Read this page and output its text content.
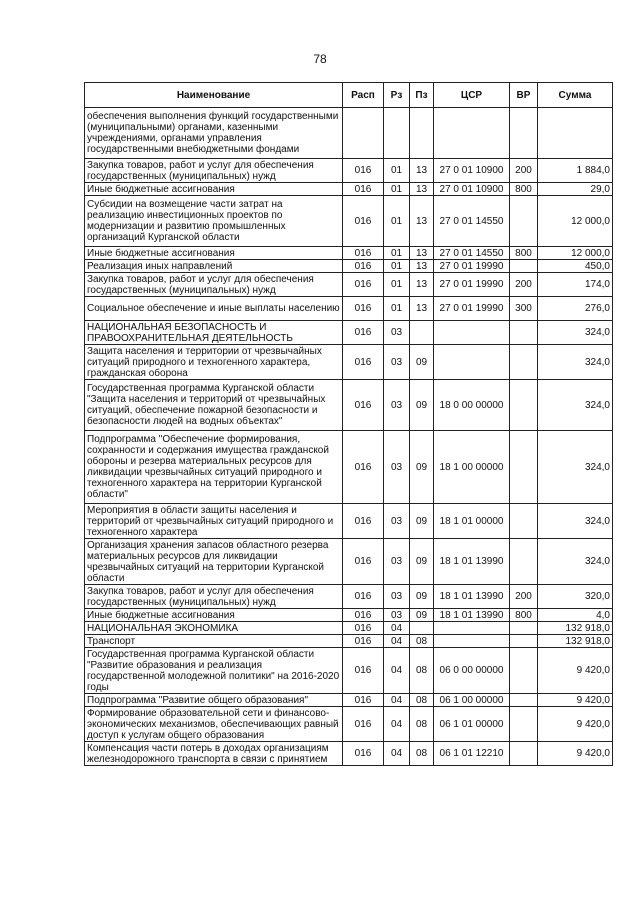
78
Наименование	Расп	Рз	Пз	ЦСР	ВР	Сумма
обеспечения выполнения функций государственными (муниципальными) органами, казенными учреждениями, органами управления государственными внебюджетными фондами						
Закупка товаров, работ и услуг для обеспечения государственных (муниципальных) нужд	016	01	13	27 0 01 10900	200	1 884,0
Иные бюджетные ассигнования	016	01	13	27 0 01 10900	800	29,0
Субсидии на возмещение части затрат на реализацию инвестиционных проектов по модернизации и развитию промышленных организаций Курганской области	016	01	13	27 0 01 14550		12 000,0
Иные бюджетные ассигнования	016	01	13	27 0 01 14550	800	12 000,0
Реализация иных направлений	016	01	13	27 0 01 19990		450,0
Закупка товаров, работ и услуг для обеспечения государственных (муниципальных) нужд	016	01	13	27 0 01 19990	200	174,0
Социальное обеспечение и иные выплаты населению	016	01	13	27 0 01 19990	300	276,0
НАЦИОНАЛЬНАЯ БЕЗОПАСНОСТЬ И ПРАВООХРАНИТЕЛЬНАЯ ДЕЯТЕЛЬНОСТЬ	016	03				324,0
Защита населения и территории от чрезвычайных ситуаций природного и техногенного характера, гражданская оборона	016	03	09			324,0
Государственная программа Курганской области "Защита населения и территорий от чрезвычайных ситуаций, обеспечение пожарной безопасности и безопасности людей на водных объектах"	016	03	09	18 0 00 00000		324,0
Подпрограмма "Обеспечение формирования, сохранности и содержания имущества гражданской обороны и резерва материальных ресурсов для ликвидации чрезвычайных ситуаций природного и техногенного характера на территории Курганской области"	016	03	09	18 1 00 00000		324,0
Мероприятия в области защиты населения и территорий от чрезвычайных ситуаций природного и техногенного характера	016	03	09	18 1 01 00000		324,0
Организация хранения запасов областного резерва материальных ресурсов для ликвидации чрезвычайных ситуаций на территории Курганской области	016	03	09	18 1 01 13990		324,0
Закупка товаров, работ и услуг для обеспечения государственных (муниципальных) нужд	016	03	09	18 1 01 13990	200	320,0
Иные бюджетные ассигнования	016	03	09	18 1 01 13990	800	4,0
НАЦИОНАЛЬНАЯ ЭКОНОМИКА	016	04				132 918,0
Транспорт	016	04	08			132 918,0
Государственная программа Курганской области "Развитие образования и реализация государственной молодежной политики" на 2016-2020 годы	016	04	08	06 0 00 00000		9 420,0
Подпрограмма "Развитие общего образования"	016	04	08	06 1 00 00000		9 420,0
Формирование образовательной сети и финансово-экономических механизмов, обеспечивающих равный доступ к услугам общего образования	016	04	08	06 1 01 00000		9 420,0
Компенсация части потерь в доходах организациям железнодорожного транспорта в связи с принятием	016	04	08	06 1 01 12210		9 420,0
